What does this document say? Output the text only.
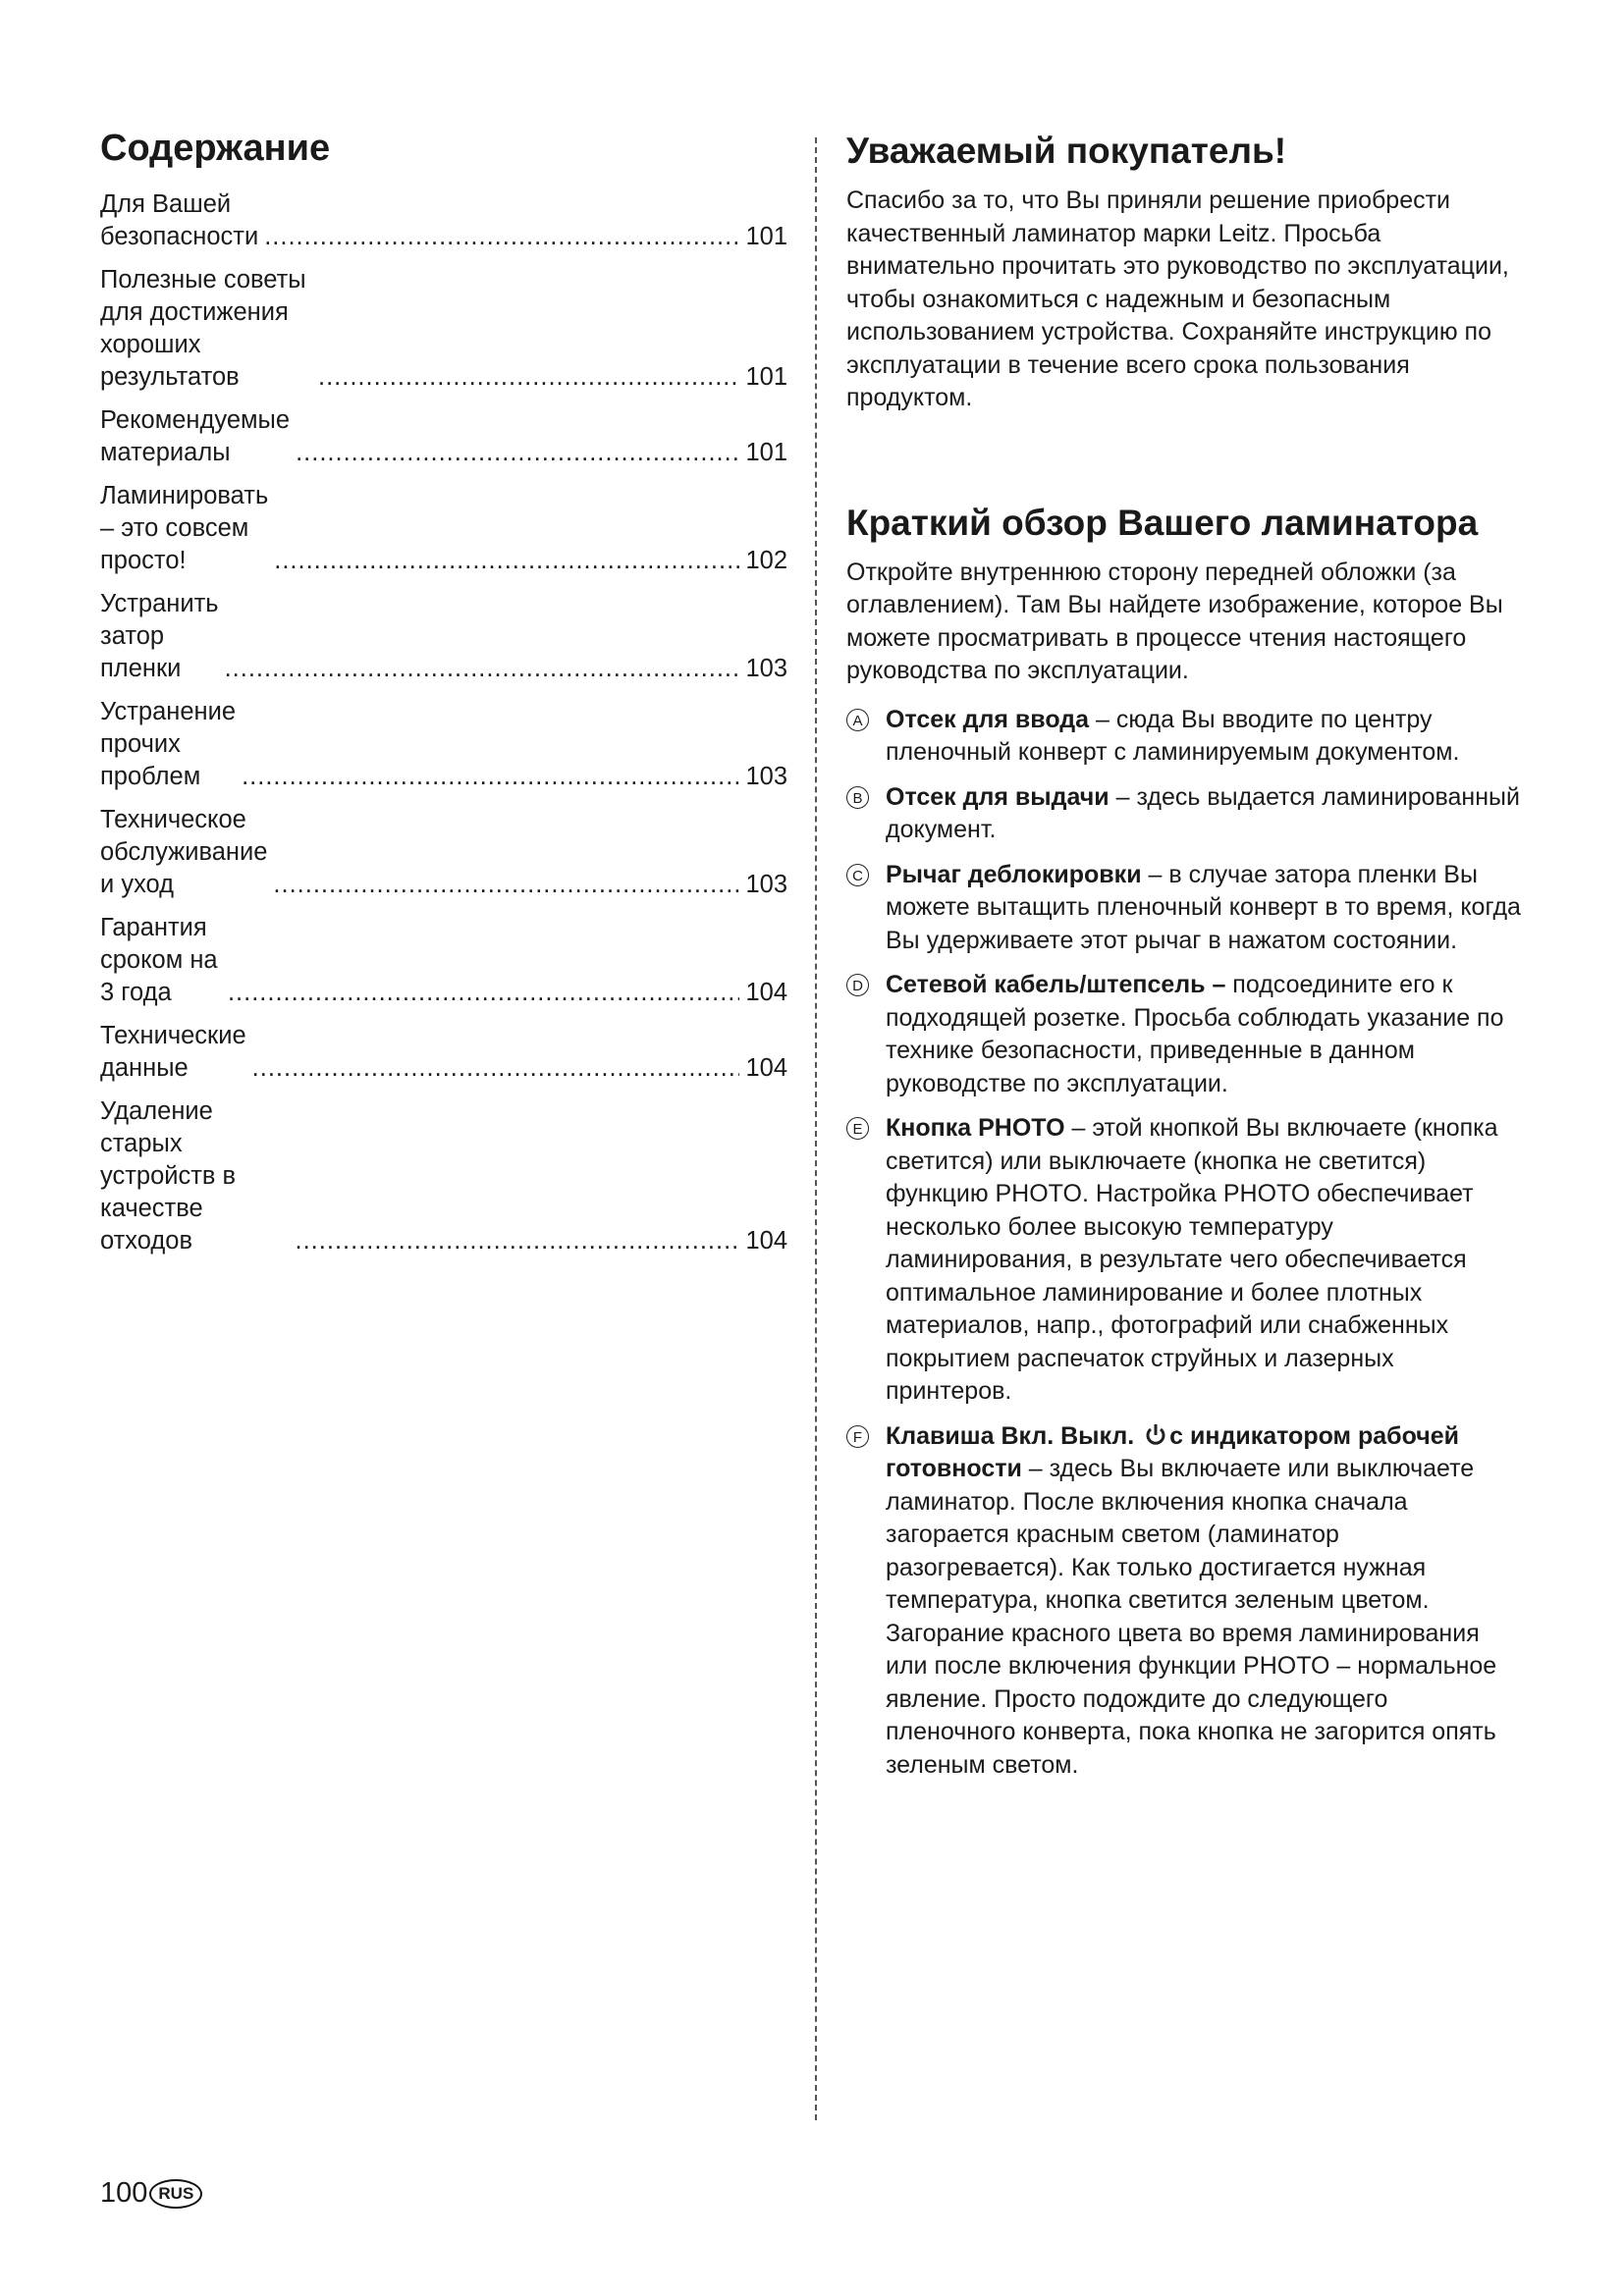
Содержание
Для Вашей безопасности .....	101
Полезные советы для достижения хороших результатов .....	101
Рекомендуемые материалы .....	101
Ламинировать – это совсем просто! .....	102
Устранить затор пленки .....	103
Устранение прочих проблем .....	103
Техническое обслуживание и уход .....	103
Гарантия сроком на 3 года .....	104
Технические данные .....	104
Удаление старых устройств в качестве отходов .....	104
Уважаемый покупатель!

Спасибо за то, что Вы приняли решение приобрести качественный ламинатор марки Leitz. Просьба внимательно прочитать это руководство по эксплуатации, чтобы ознакомиться с надежным и безопасным использованием устройства. Сохраняйте инструкцию по эксплуатации в течение всего срока пользования продуктом.

Краткий обзор Вашего ламинатора

Откройте внутреннюю сторону передней обложки (за оглавлением). Там Вы найдете изображение, которое Вы можете просматривать в процессе чтения настоящего руководства по эксплуатации.

A Отсек для ввода – сюда Вы вводите по центру пленочный конверт с ламинируемым документом.
B Отсек для выдачи – здесь выдается ламинированный документ.
C Рычаг деблокировки – в случае затора пленки Вы можете вытащить пленочный конверт в то время, когда Вы удерживаете этот рычаг в нажатом состоянии.
D Сетевой кабель/штепсель – подсоедините его к подходящей розетке. Просьба соблюдать указание по технике безопасности, приведенные в данном руководстве по эксплуатации.
E Кнопка PHOTO – этой кнопкой Вы включаете (кнопка светится) или выключаете (кнопка не светится) функцию PHOTO. Настройка PHOTO обеспечивает несколько более высокую температуру ламинирования, в результате чего обеспечивается оптимальное ламинирование и более плотных материалов, напр., фотографий или снабженных покрытием распечаток струйных и лазерных принтеров.
F Клавиша Вкл. Выкл. с индикатором рабочей готовности – здесь Вы включаете или выключаете ламинатор. После включения кнопка сначала загорается красным светом (ламинатор разогревается). Как только достигается нужная температура, кнопка светится зеленым цветом. Загорание красного цвета во время ламинирования или после включения функции PHOTO – нормальное явление. Просто подождите до следующего пленочного конверта, пока кнопка не загорится опять зеленым светом.
100 RUS
